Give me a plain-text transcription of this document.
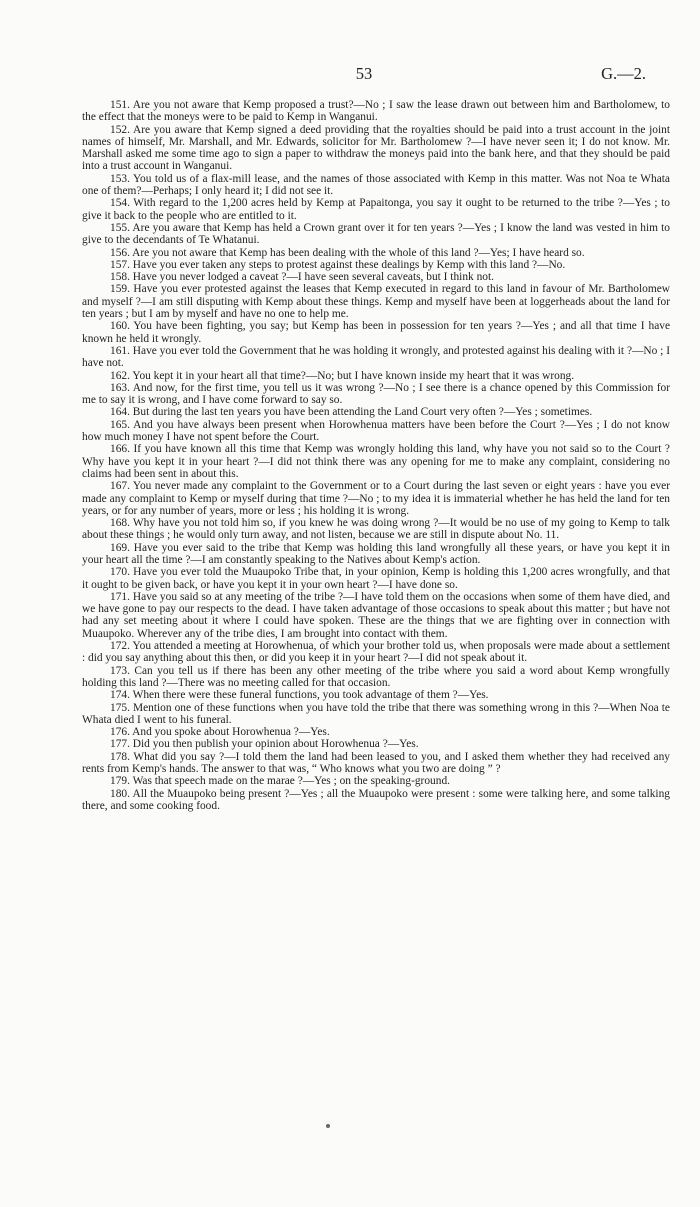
53	G.—2.

151. Are you not aware that Kemp proposed a trust?—No ; I saw the lease drawn out between him and Bartholomew, to the effect that the moneys were to be paid to Kemp in Wanganui.

152. Are you aware that Kemp signed a deed providing that the royalties should be paid into a trust account in the joint names of himself, Mr. Marshall, and Mr. Edwards, solicitor for Mr. Bartholomew ?—I have never seen it; I do not know. Mr. Marshall asked me some time ago to sign a paper to withdraw the moneys paid into the bank here, and that they should be paid into a trust account in Wanganui.

153. You told us of a flax-mill lease, and the names of those associated with Kemp in this matter. Was not Noa te Whata one of them?—Perhaps; I only heard it; I did not see it.

154. With regard to the 1,200 acres held by Kemp at Papaitonga, you say it ought to be returned to the tribe ?—Yes ; to give it back to the people who are entitled to it.

155. Are you aware that Kemp has held a Crown grant over it for ten years ?—Yes ; I know the land was vested in him to give to the decendants of Te Whatanui.

156. Are you not aware that Kemp has been dealing with the whole of this land ?—Yes; I have heard so.

157. Have you ever taken any steps to protest against these dealings by Kemp with this land ?—No.

158. Have you never lodged a caveat ?—I have seen several caveats, but I think not.

159. Have you ever protested against the leases that Kemp executed in regard to this land in favour of Mr. Bartholomew and myself ?—I am still disputing with Kemp about these things. Kemp and myself have been at loggerheads about the land for ten years ; but I am by myself and have no one to help me.

160. You have been fighting, you say; but Kemp has been in possession for ten years ?—Yes ; and all that time I have known he held it wrongly.

161. Have you ever told the Government that he was holding it wrongly, and protested against his dealing with it ?—No ; I have not.

162. You kept it in your heart all that time?—No; but I have known inside my heart that it was wrong.

163. And now, for the first time, you tell us it was wrong ?—No ; I see there is a chance opened by this Commission for me to say it is wrong, and I have come forward to say so.

164. But during the last ten years you have been attending the Land Court very often ?—Yes ; sometimes.

165. And you have always been present when Horowhenua matters have been before the Court ?—Yes ; I do not know how much money I have not spent before the Court.

166. If you have known all this time that Kemp was wrongly holding this land, why have you not said so to the Court ? Why have you kept it in your heart ?—I did not think there was any opening for me to make any complaint, considering no claims had been sent in about this.

167. You never made any complaint to the Government or to a Court during the last seven or eight years : have you ever made any complaint to Kemp or myself during that time ?—No ; to my idea it is immaterial whether he has held the land for ten years, or for any number of years, more or less ; his holding it is wrong.

168. Why have you not told him so, if you knew he was doing wrong ?—It would be no use of my going to Kemp to talk about these things ; he would only turn away, and not listen, because we are still in dispute about No. 11.

169. Have you ever said to the tribe that Kemp was holding this land wrongfully all these years, or have you kept it in your heart all the time ?—I am constantly speaking to the Natives about Kemp's action.

170. Have you ever told the Muaupoko Tribe that, in your opinion, Kemp is holding this 1,200 acres wrongfully, and that it ought to be given back, or have you kept it in your own heart ?—I have done so.

171. Have you said so at any meeting of the tribe ?—I have told them on the occasions when some of them have died, and we have gone to pay our respects to the dead. I have taken advantage of those occasions to speak about this matter ; but have not had any set meeting about it where I could have spoken. These are the things that we are fighting over in connection with Muaupoko. Wherever any of the tribe dies, I am brought into contact with them.

172. You attended a meeting at Horowhenua, of which your brother told us, when proposals were made about a settlement : did you say anything about this then, or did you keep it in your heart ?—I did not speak about it.

173. Can you tell us if there has been any other meeting of the tribe where you said a word about Kemp wrongfully holding this land ?—There was no meeting called for that occasion.

174. When there were these funeral functions, you took advantage of them ?—Yes.

175. Mention one of these functions when you have told the tribe that there was something wrong in this ?—When Noa te Whata died I went to his funeral.

176. And you spoke about Horowhenua ?—Yes.

177. Did you then publish your opinion about Horowhenua ?—Yes.

178. What did you say ?—I told them the land had been leased to you, and I asked them whether they had received any rents from Kemp's hands. The answer to that was, “ Who knows what you two are doing ” ?

179. Was that speech made on the marae ?—Yes ; on the speaking-ground.

180. All the Muaupoko being present ?—Yes ; all the Muaupoko were present : some were talking here, and some talking there, and some cooking food.
